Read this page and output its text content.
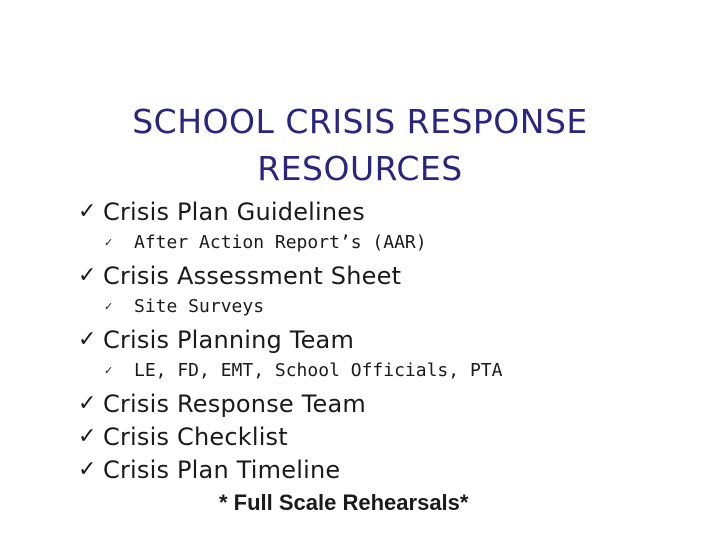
SCHOOL CRISIS RESPONSE
RESOURCES
✓ Crisis Plan Guidelines
✓ After Action Report’s (AAR)
✓ Crisis Assessment Sheet
✓ Site Surveys
✓ Crisis Planning Team
✓ LE, FD, EMT, School Officials, PTA
✓ Crisis Response Team
✓ Crisis Checklist
✓ Crisis Plan Timeline
* Full Scale Rehearsals*
